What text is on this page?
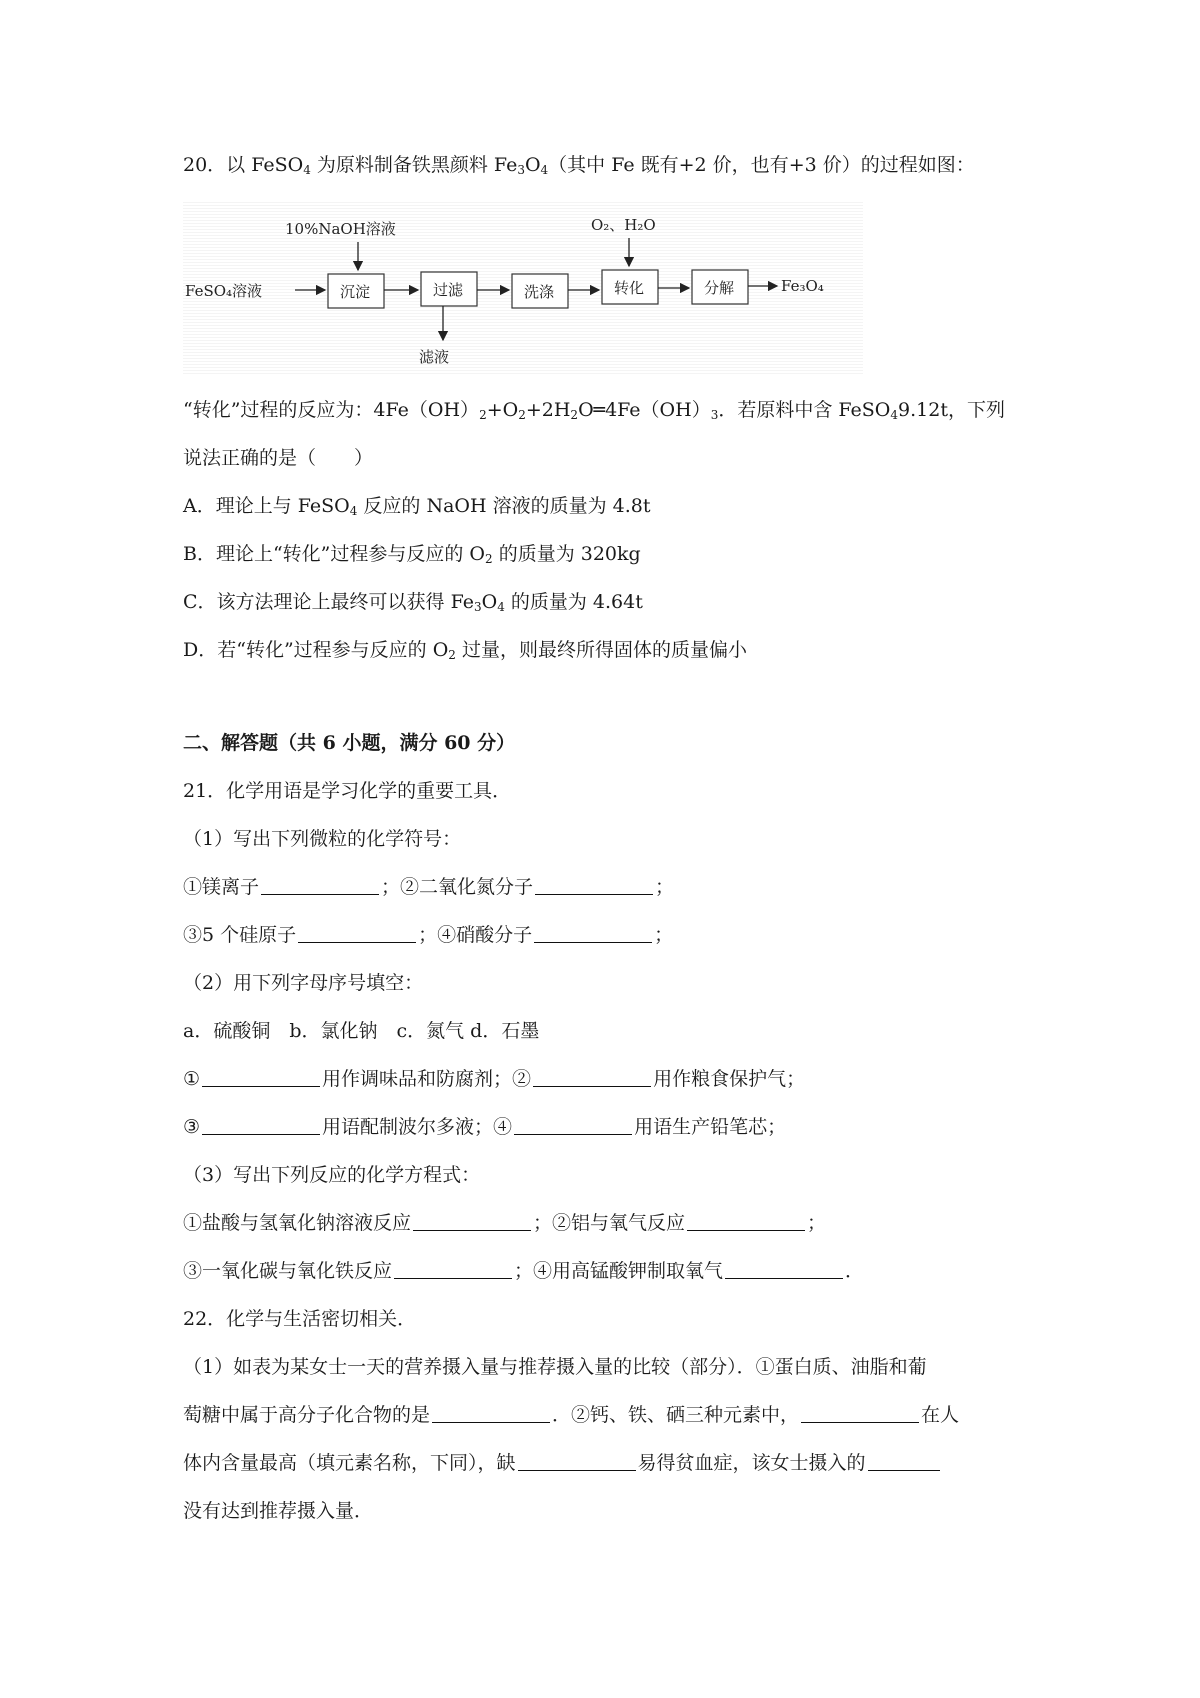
20．以 FeSO$_4$ 为原料制备铁黑颜料 $Fe_3O_4$（其中 Fe 既有+2 价，也有+3 价）的过程如图：
FeSO₄溶液
10%NaOH溶液
沉淀	过滤
滤液
洗涤
O₂、H₂O
转化	分解	Fe₃O₄
“转化”过程的反应为：$4Fe(OH)_2+O_2+2H_2O═4Fe(OH)_3$．若原料中含 FeSO$_4$9.12t，下列
说法正确的是（　　）
A．理论上与 FeSO$_4$ 反应的 NaOH 溶液的质量为 4.8t
B．理论上“转化”过程参与反应的 $O_2$ 的质量为 320kg
C．该方法理论上最终可以获得 $Fe_3O_4$ 的质量为 4.64t
D．若“转化”过程参与反应的 $O_2$ 过量，则最终所得固体的质量偏小
二、解答题（共 6 小题，满分 60 分）
21．化学用语是学习化学的重要工具．
（1）写出下列微粒的化学符号：
①镁离子	；②二氧化氮分子	；
③5 个硅原子	；④硝酸分子	；
（2）用下列字母序号填空：
a．硫酸铜　b．氯化钠　c．氮气 d．石墨
①	用作调味品和防腐剂；②	用作粮食保护气；
③	用语配制波尔多液；④	用语生产铅笔芯；
（3）写出下列反应的化学方程式：
①盐酸与氢氧化钠溶液反应	；②铝与氧气反应	；
③一氧化碳与氧化铁反应	；④用高锰酸钾制取氧气	．
22．化学与生活密切相关．
（1）如表为某女士一天的营养摄入量与推荐摄入量的比较（部分）．①蛋白质、油脂和葡
萄糖中属于高分子化合物的是	．②钙、铁、硒三种元素中，	在人
体内含量最高（填元素名称，下同），缺	易得贫血症，该女士摄入的
没有达到推荐摄入量．
